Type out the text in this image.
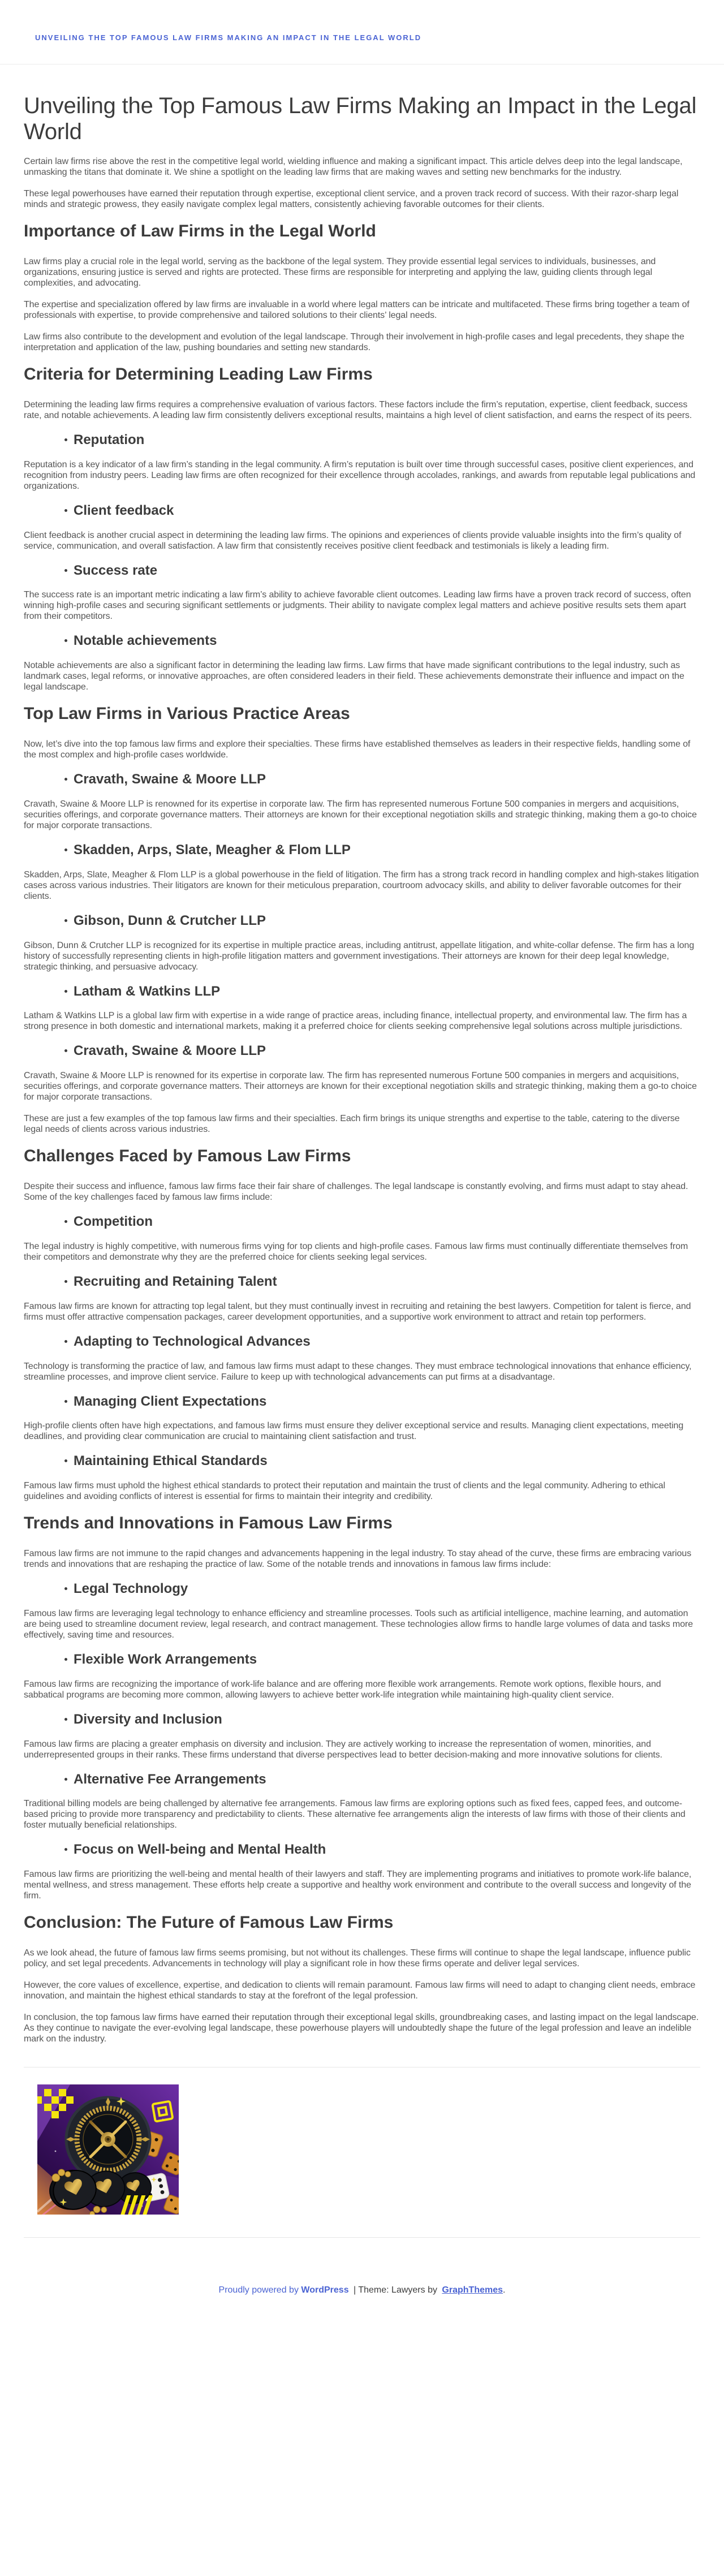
UNVEILING THE TOP FAMOUS LAW FIRMS MAKING AN IMPACT IN THE LEGAL WORLD
Unveiling the Top Famous Law Firms Making an Impact in the Legal World

Certain law firms rise above the rest in the competitive legal world, wielding influence and making a significant impact. This article delves deep into the legal landscape, unmasking the titans that dominate it. We shine a spotlight on the leading law firms that are making waves and setting new benchmarks for the industry.

These legal powerhouses have earned their reputation through expertise, exceptional client service, and a proven track record of success. With their razor-sharp legal minds and strategic prowess, they easily navigate complex legal matters, consistently achieving favorable outcomes for their clients.

Importance of Law Firms in the Legal World

Law firms play a crucial role in the legal world, serving as the backbone of the legal system. They provide essential legal services to individuals, businesses, and organizations, ensuring justice is served and rights are protected. These firms are responsible for interpreting and applying the law, guiding clients through legal complexities, and advocating.

The expertise and specialization offered by law firms are invaluable in a world where legal matters can be intricate and multifaceted. These firms bring together a team of professionals with expertise, to provide comprehensive and tailored solutions to their clients’ legal needs.

Law firms also contribute to the development and evolution of the legal landscape. Through their involvement in high-profile cases and legal precedents, they shape the interpretation and application of the law, pushing boundaries and setting new standards.

Criteria for Determining Leading Law Firms

Determining the leading law firms requires a comprehensive evaluation of various factors. These factors include the firm’s reputation, expertise, client feedback, success rate, and notable achievements. A leading law firm consistently delivers exceptional results, maintains a high level of client satisfaction, and earns the respect of its peers.

Reputation

Reputation is a key indicator of a law firm’s standing in the legal community. A firm’s reputation is built over time through successful cases, positive client experiences, and recognition from industry peers. Leading law firms are often recognized for their excellence through accolades, rankings, and awards from reputable legal publications and organizations.

Client feedback

Client feedback is another crucial aspect in determining the leading law firms. The opinions and experiences of clients provide valuable insights into the firm’s quality of service, communication, and overall satisfaction. A law firm that consistently receives positive client feedback and testimonials is likely a leading firm.

Success rate

The success rate is an important metric indicating a law firm’s ability to achieve favorable client outcomes. Leading law firms have a proven track record of success, often winning high-profile cases and securing significant settlements or judgments. Their ability to navigate complex legal matters and achieve positive results sets them apart from their competitors.

Notable achievements

Notable achievements are also a significant factor in determining the leading law firms. Law firms that have made significant contributions to the legal industry, such as landmark cases, legal reforms, or innovative approaches, are often considered leaders in their field. These achievements demonstrate their influence and impact on the legal landscape.

Top Law Firms in Various Practice Areas

Now, let’s dive into the top famous law firms and explore their specialties. These firms have established themselves as leaders in their respective fields, handling some of the most complex and high-profile cases worldwide.

Cravath, Swaine & Moore LLP

Cravath, Swaine & Moore LLP is renowned for its expertise in corporate law. The firm has represented numerous Fortune 500 companies in mergers and acquisitions, securities offerings, and corporate governance matters. Their attorneys are known for their exceptional negotiation skills and strategic thinking, making them a go-to choice for major corporate transactions.

Skadden, Arps, Slate, Meagher & Flom LLP

Skadden, Arps, Slate, Meagher & Flom LLP is a global powerhouse in the field of litigation. The firm has a strong track record in handling complex and high-stakes litigation cases across various industries. Their litigators are known for their meticulous preparation, courtroom advocacy skills, and ability to deliver favorable outcomes for their clients.

Gibson, Dunn & Crutcher LLP

Gibson, Dunn & Crutcher LLP is recognized for its expertise in multiple practice areas, including antitrust, appellate litigation, and white-collar defense. The firm has a long history of successfully representing clients in high-profile litigation matters and government investigations. Their attorneys are known for their deep legal knowledge, strategic thinking, and persuasive advocacy.

Latham & Watkins LLP

Latham & Watkins LLP is a global law firm with expertise in a wide range of practice areas, including finance, intellectual property, and environmental law. The firm has a strong presence in both domestic and international markets, making it a preferred choice for clients seeking comprehensive legal solutions across multiple jurisdictions.

Cravath, Swaine & Moore LLP

Cravath, Swaine & Moore LLP is renowned for its expertise in corporate law. The firm has represented numerous Fortune 500 companies in mergers and acquisitions, securities offerings, and corporate governance matters. Their attorneys are known for their exceptional negotiation skills and strategic thinking, making them a go-to choice for major corporate transactions.

These are just a few examples of the top famous law firms and their specialties. Each firm brings its unique strengths and expertise to the table, catering to the diverse legal needs of clients across various industries.

Challenges Faced by Famous Law Firms

Despite their success and influence, famous law firms face their fair share of challenges. The legal landscape is constantly evolving, and firms must adapt to stay ahead. Some of the key challenges faced by famous law firms include:

Competition

The legal industry is highly competitive, with numerous firms vying for top clients and high-profile cases. Famous law firms must continually differentiate themselves from their competitors and demonstrate why they are the preferred choice for clients seeking legal services.

Recruiting and Retaining Talent

Famous law firms are known for attracting top legal talent, but they must continually invest in recruiting and retaining the best lawyers. Competition for talent is fierce, and firms must offer attractive compensation packages, career development opportunities, and a supportive work environment to attract and retain top performers.

Adapting to Technological Advances

Technology is transforming the practice of law, and famous law firms must adapt to these changes. They must embrace technological innovations that enhance efficiency, streamline processes, and improve client service. Failure to keep up with technological advancements can put firms at a disadvantage.

Managing Client Expectations

High-profile clients often have high expectations, and famous law firms must ensure they deliver exceptional service and results. Managing client expectations, meeting deadlines, and providing clear communication are crucial to maintaining client satisfaction and trust.

Maintaining Ethical Standards

Famous law firms must uphold the highest ethical standards to protect their reputation and maintain the trust of clients and the legal community. Adhering to ethical guidelines and avoiding conflicts of interest is essential for firms to maintain their integrity and credibility.

Trends and Innovations in Famous Law Firms

Famous law firms are not immune to the rapid changes and advancements happening in the legal industry. To stay ahead of the curve, these firms are embracing various trends and innovations that are reshaping the practice of law. Some of the notable trends and innovations in famous law firms include:

Legal Technology

Famous law firms are leveraging legal technology to enhance efficiency and streamline processes. Tools such as artificial intelligence, machine learning, and automation are being used to streamline document review, legal research, and contract management. These technologies allow firms to handle large volumes of data and tasks more effectively, saving time and resources.

Flexible Work Arrangements

Famous law firms are recognizing the importance of work-life balance and are offering more flexible work arrangements. Remote work options, flexible hours, and sabbatical programs are becoming more common, allowing lawyers to achieve better work-life integration while maintaining high-quality client service.

Diversity and Inclusion

Famous law firms are placing a greater emphasis on diversity and inclusion. They are actively working to increase the representation of women, minorities, and underrepresented groups in their ranks. These firms understand that diverse perspectives lead to better decision-making and more innovative solutions for clients.

Alternative Fee Arrangements

Traditional billing models are being challenged by alternative fee arrangements. Famous law firms are exploring options such as fixed fees, capped fees, and outcome-based pricing to provide more transparency and predictability to clients. These alternative fee arrangements align the interests of law firms with those of their clients and foster mutually beneficial relationships.

Focus on Well-being and Mental Health

Famous law firms are prioritizing the well-being and mental health of their lawyers and staff. They are implementing programs and initiatives to promote work-life balance, mental wellness, and stress management. These efforts help create a supportive and healthy work environment and contribute to the overall success and longevity of the firm.

Conclusion: The Future of Famous Law Firms

As we look ahead, the future of famous law firms seems promising, but not without its challenges. These firms will continue to shape the legal landscape, influence public policy, and set legal precedents. Advancements in technology will play a significant role in how these firms operate and deliver legal services.

However, the core values of excellence, expertise, and dedication to clients will remain paramount. Famous law firms will need to adapt to changing client needs, embrace innovation, and maintain the highest ethical standards to stay at the forefront of the legal profession.

In conclusion, the top famous law firms have earned their reputation through their exceptional legal skills, groundbreaking cases, and lasting impact on the legal landscape. As they continue to navigate the ever-evolving legal landscape, these powerhouse players will undoubtedly shape the future of the legal profession and leave an indelible mark on the industry.

Proudly powered by WordPress | Theme: Lawyers by GraphThemes.
